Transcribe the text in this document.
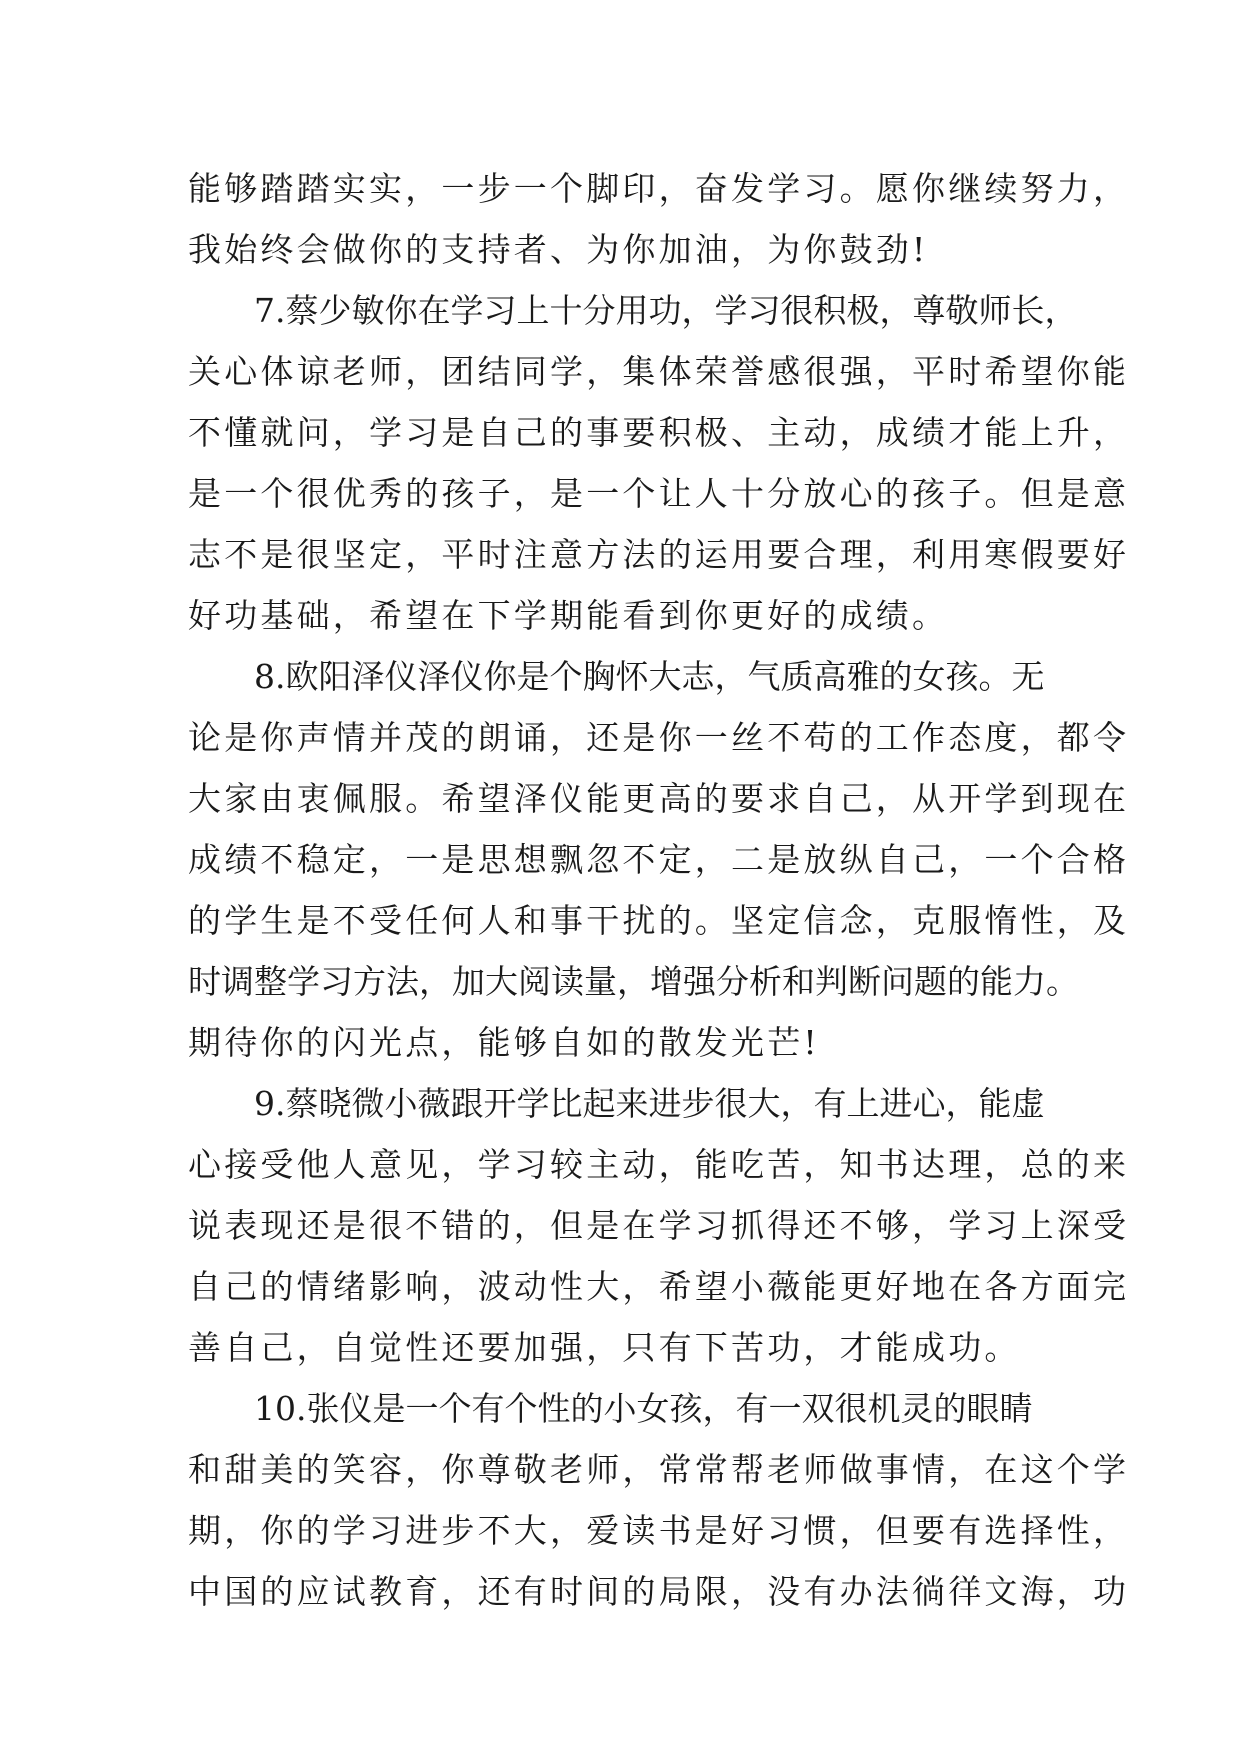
能够踏踏实实，一步一个脚印，奋发学习。愿你继续努力，
我始终会做你的支持者、为你加油，为你鼓劲!
7.蔡少敏你在学习上十分用功，学习很积极，尊敬师长，
关心体谅老师，团结同学，集体荣誉感很强，平时希望你能
不懂就问，学习是自己的事要积极、主动，成绩才能上升，
是一个很优秀的孩子，是一个让人十分放心的孩子。但是意
志不是很坚定，平时注意方法的运用要合理，利用寒假要好
好功基础，希望在下学期能看到你更好的成绩。
8.欧阳泽仪泽仪你是个胸怀大志，气质高雅的女孩。无
论是你声情并茂的朗诵，还是你一丝不苟的工作态度，都令
大家由衷佩服。希望泽仪能更高的要求自己，从开学到现在
成绩不稳定，一是思想飘忽不定，二是放纵自己，一个合格
的学生是不受任何人和事干扰的。坚定信念，克服惰性，及
时调整学习方法，加大阅读量，增强分析和判断问题的能力。
期待你的闪光点，能够自如的散发光芒!
9.蔡晓微小薇跟开学比起来进步很大，有上进心，能虚
心接受他人意见，学习较主动，能吃苦，知书达理，总的来
说表现还是很不错的，但是在学习抓得还不够，学习上深受
自己的情绪影响，波动性大，希望小薇能更好地在各方面完
善自己，自觉性还要加强，只有下苦功，才能成功。
10.张仪是一个有个性的小女孩，有一双很机灵的眼睛
和甜美的笑容，你尊敬老师，常常帮老师做事情，在这个学
期，你的学习进步不大，爱读书是好习惯，但要有选择性，
中国的应试教育，还有时间的局限，没有办法徜徉文海，功
